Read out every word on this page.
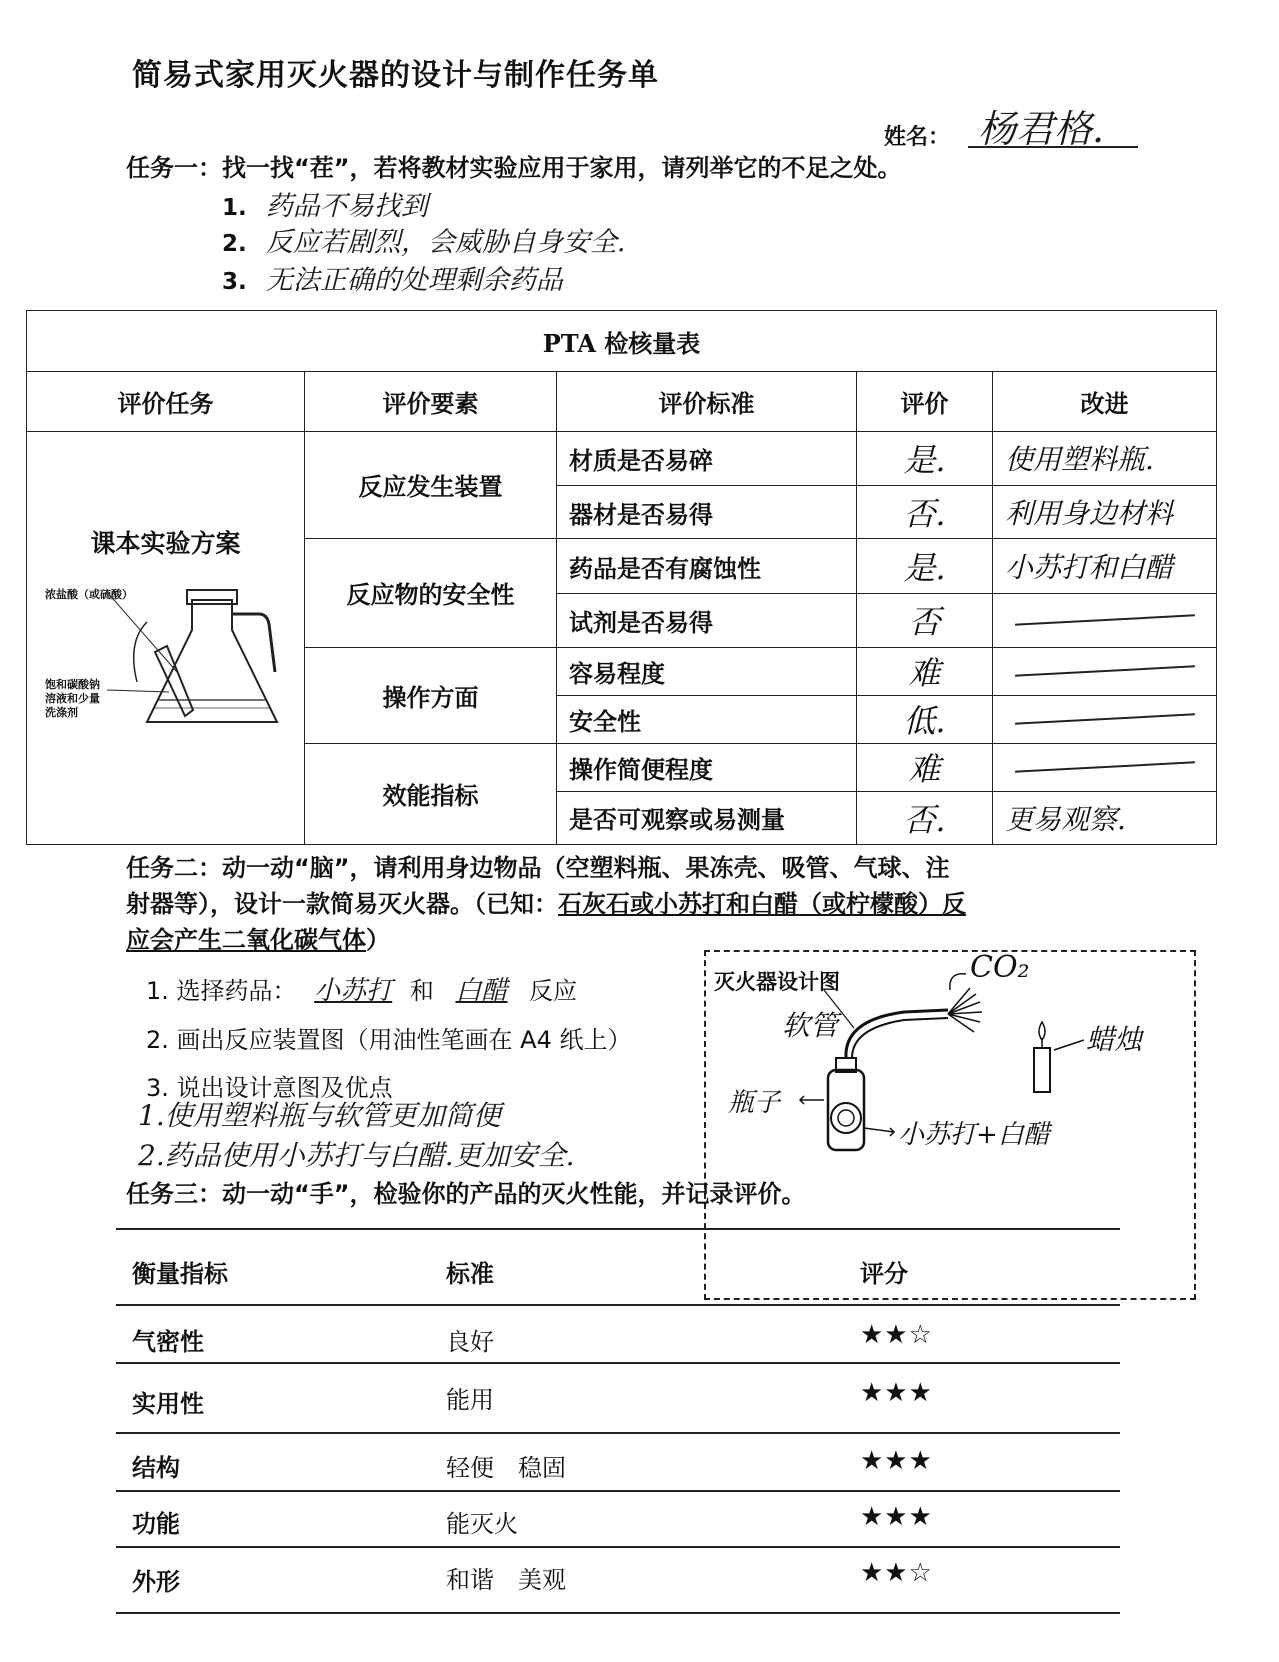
简易式家用灭火器的设计与制作任务单
姓名： 杨君格.
任务一：找一找“茬”，若将教材实验应用于家用，请列举它的不足之处。
1. 药品不易找到
2. 反应若剧烈，会威胁自身安全.
3. 无法正确的处理剩余药品
PTA 检核量表				
评价任务	评价要素	评价标准	评价	改进

课本实验方案
浓盐酸（或硫酸）
饱和碳酸钠
溶液和少量
洗涤剂	反应发生装置	材质是否易碎	是.	使用塑料瓶.
		器材是否易得	否.	利用身边材料
	反应物的安全性	药品是否有腐蚀性	是.	小苏打和白醋
		试剂是否易得	否	

	操作方面	容易程度	难	

		安全性	低.	

	效能指标	操作简便程度	难	

		是否可观察或易测量	否.	更易观察.
任务二：动一动“脑”，请利用身边物品（空塑料瓶、果冻壳、吸管、气球、注
射器等），设计一款简易灭火器。（已知：石灰石或小苏打和白醋（或柠檬酸）反
应会产生二氧化碳气体）
1. 选择药品： 小苏打 和 白醋 反应
2. 画出反应装置图（用油性笔画在 A4 纸上）
3. 说出设计意图及优点
1.使用塑料瓶与软管更加简便
2.药品使用小苏打与白醋.更加安全.
灭火器设计图	CO₂
软管
瓶子
小苏打+白醋
蜡烛
任务三：动一动“手”，检验你的产品的灭火性能，并记录评价。
衡量指标	标准	评分
气密性	良好	★★☆
实用性	能用	★★★
结构	轻便　稳固	★★★
功能	能灭火	★★★
外形	和谐　美观	★★☆
